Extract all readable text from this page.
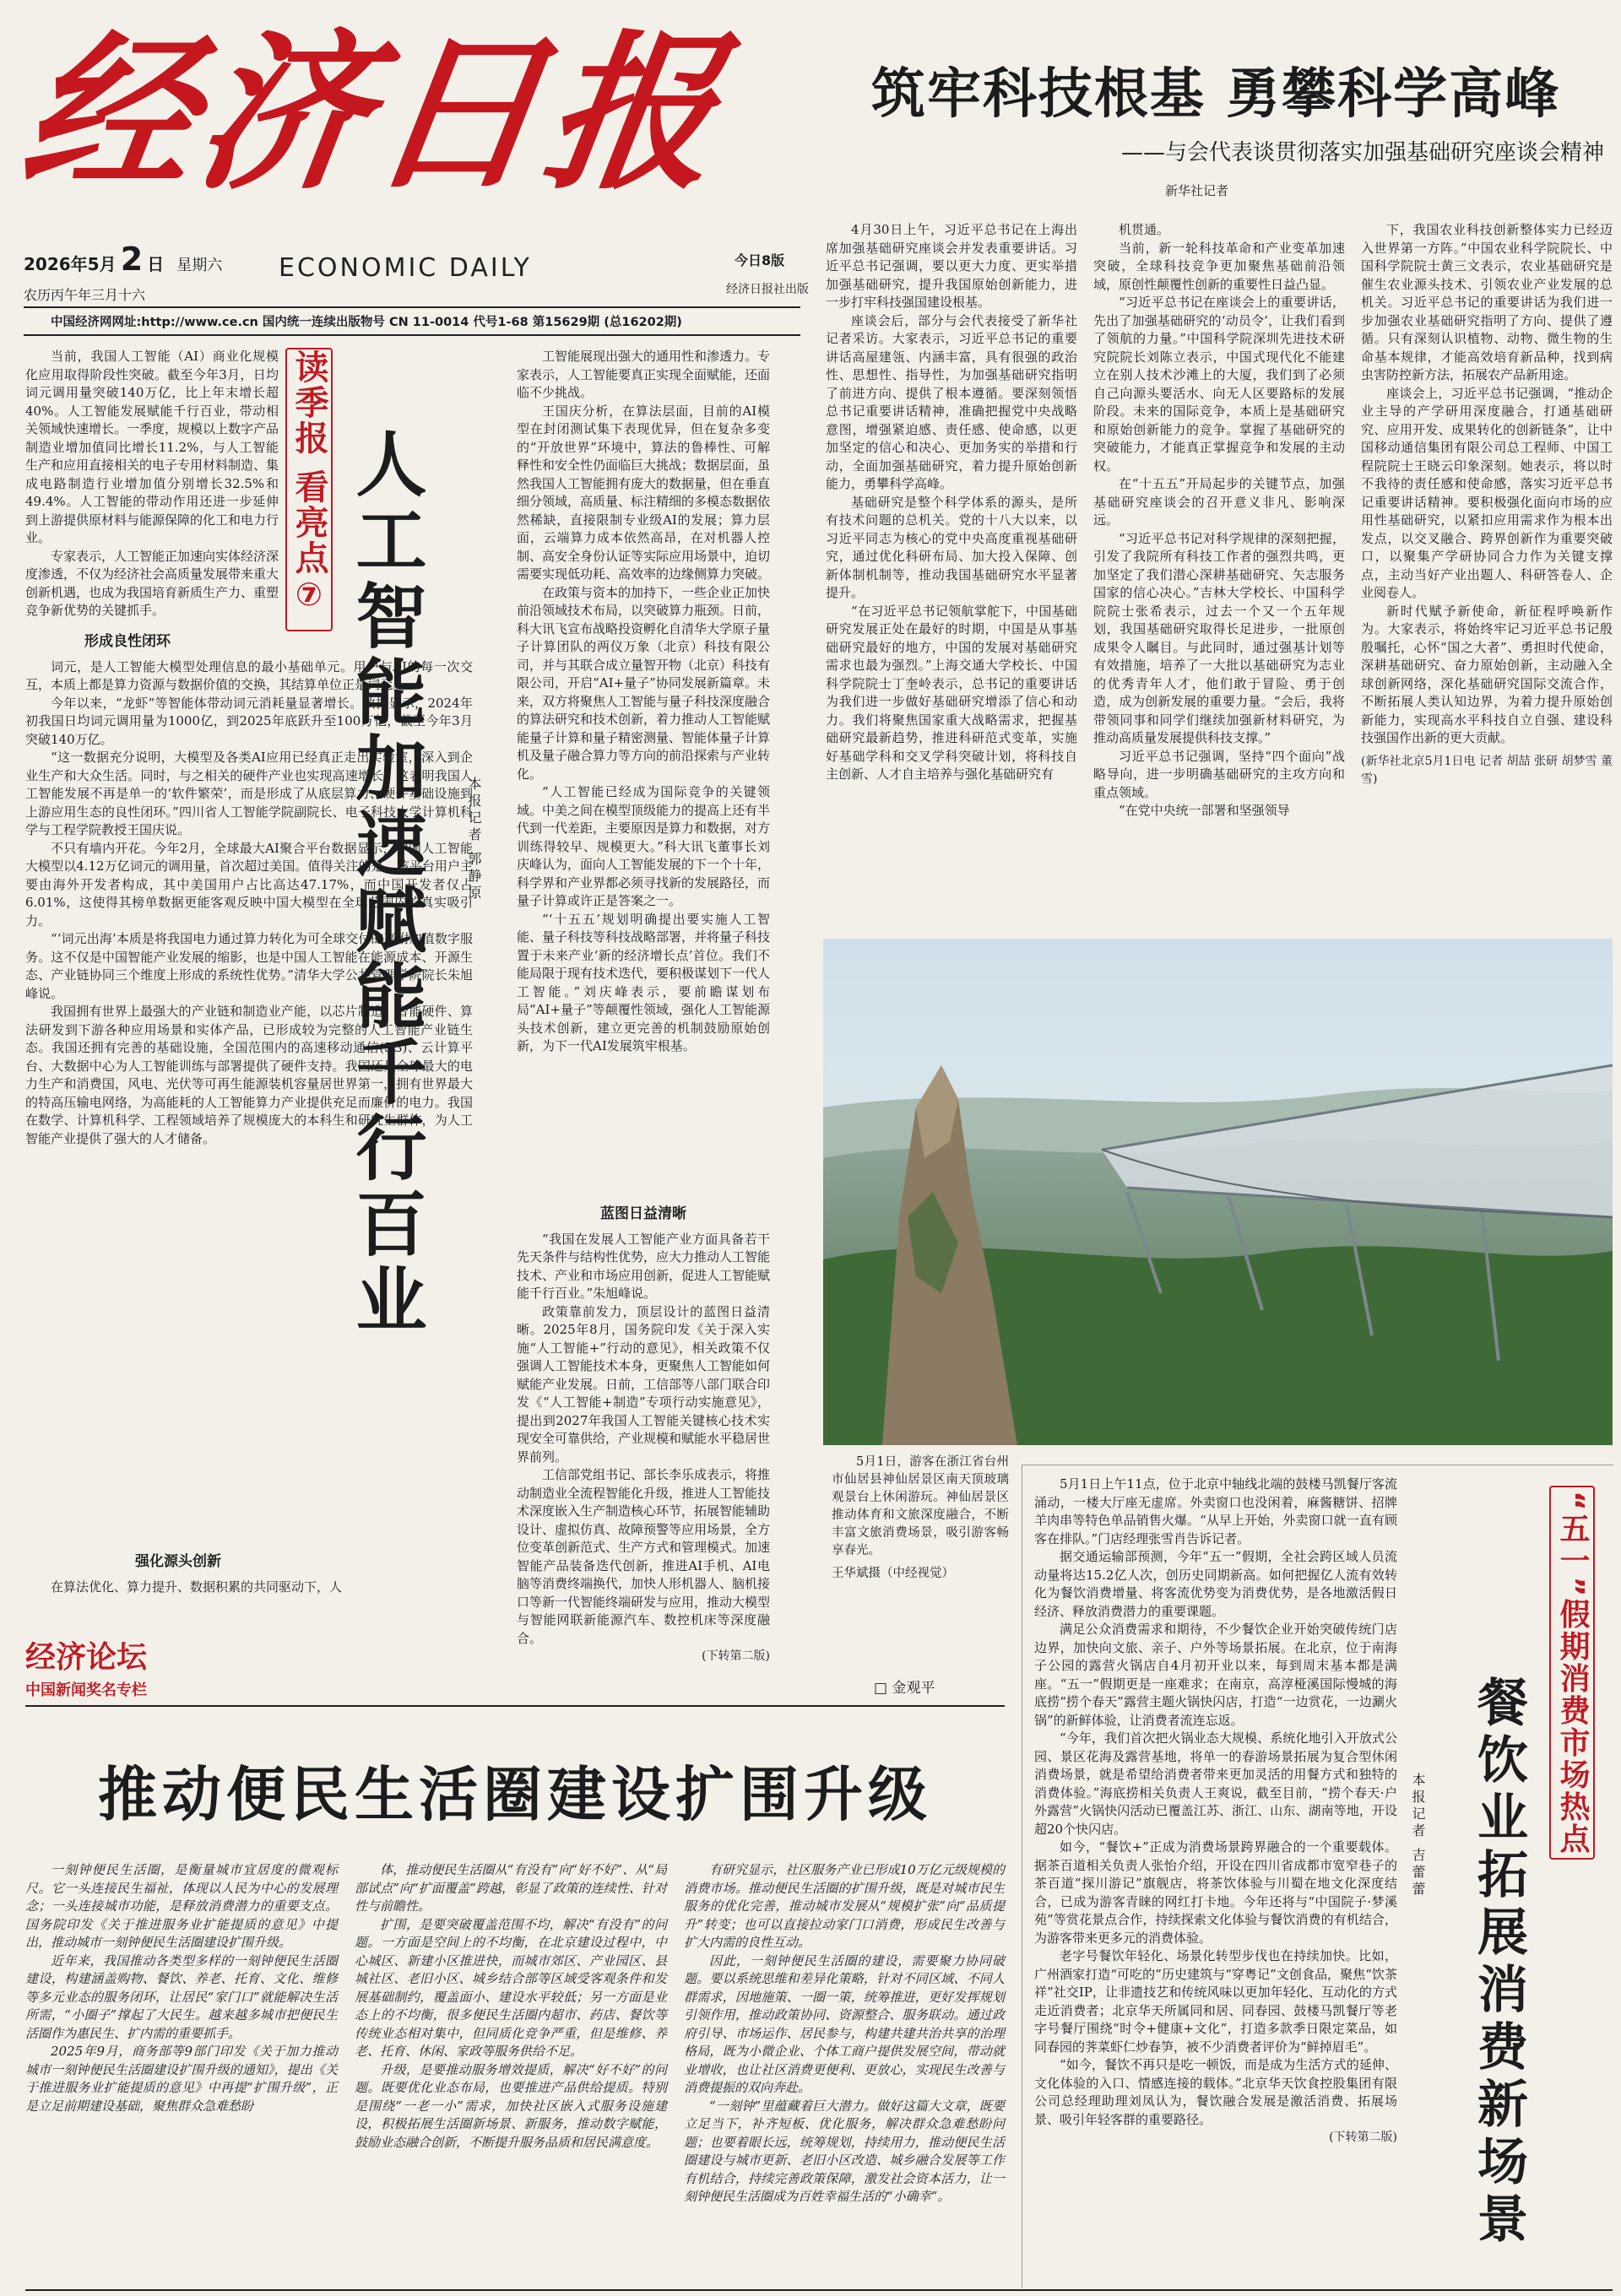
经济日报
2026年5月 2 日 星期六
农历丙午年三月十六
ECONOMIC DAILY	今日8版
经济日报社出版
中国经济网网址:http://www.ce.cn 国内统一连续出版物号 CN 11-0014 代号1-68 第15629期 (总16202期)
筑牢科技根基 勇攀科学高峰
——与会代表谈贯彻落实加强基础研究座谈会精神
新华社记者

4月30日上午，习近平总书记在上海出席加强基础研究座谈会并发表重要讲话。习近平总书记强调，要以更大力度、更实举措加强基础研究，提升我国原始创新能力，进一步打牢科技强国建设根基。

座谈会后，部分与会代表接受了新华社记者采访。大家表示，习近平总书记的重要讲话高屋建瓴、内涵丰富，具有很强的政治性、思想性、指导性，为加强基础研究指明了前进方向、提供了根本遵循。要深刻领悟总书记重要讲话精神，准确把握党中央战略意图，增强紧迫感、责任感、使命感，以更加坚定的信心和决心、更加务实的举措和行动，全面加强基础研究，着力提升原始创新能力，勇攀科学高峰。

基础研究是整个科学体系的源头，是所有技术问题的总机关。党的十八大以来，以习近平同志为核心的党中央高度重视基础研究，通过优化科研布局、加大投入保障、创新体制机制等，推动我国基础研究水平显著提升。

“在习近平总书记领航掌舵下，中国基础研究发展正处在最好的时期，中国是从事基础研究最好的地方，中国的发展对基础研究需求也最为强烈。”上海交通大学校长、中国科学院院士丁奎岭表示，总书记的重要讲话为我们进一步做好基础研究增添了信心和动力。我们将聚焦国家重大战略需求，把握基础研究最新趋势，推进科研范式变革，实施好基础学科和交叉学科突破计划，将科技自主创新、人才自主培养与强化基础研究有

机贯通。

当前，新一轮科技革命和产业变革加速突破，全球科技竞争更加聚焦基础前沿领域，原创性颠覆性创新的重要性日益凸显。

“习近平总书记在座谈会上的重要讲话，先出了加强基础研究的‘动员令’，让我们看到了领航的力量。”中国科学院深圳先进技术研究院院长刘陈立表示，中国式现代化不能建立在别人技术沙滩上的大厦，我们到了必须自己向源头要活水、向无人区要路标的发展阶段。未来的国际竞争，本质上是基础研究和原始创新能力的竞争。掌握了基础研究的突破能力，才能真正掌握竞争和发展的主动权。

在“十五五”开局起步的关键节点，加强基础研究座谈会的召开意义非凡、影响深远。

“习近平总书记对科学规律的深刻把握，引发了我院所有科技工作者的强烈共鸣，更加坚定了我们潜心深耕基础研究、矢志服务国家的信心决心。”吉林大学校长、中国科学院院士张希表示，过去一个又一个五年规划，我国基础研究取得长足进步，一批原创成果令人瞩目。与此同时，通过强基计划等有效措施，培养了一大批以基础研究为志业的优秀青年人才，他们敢于冒险、勇于创造，成为创新发展的重要力量。“会后，我将带领同事和同学们继续加强新材料研究，为推动高质量发展提供科技支撑。”

习近平总书记强调，坚持“四个面向”战略导向，进一步明确基础研究的主攻方向和重点领域。

“在党中央统一部署和坚强领导

下，我国农业科技创新整体实力已经迈入世界第一方阵。”中国农业科学院院长、中国科学院院士黄三文表示，农业基础研究是催生农业源头技术、引领农业产业发展的总机关。习近平总书记的重要讲话为我们进一步加强农业基础研究指明了方向、提供了遵循。只有深刻认识植物、动物、微生物的生命基本规律，才能高效培育新品种，找到病虫害防控新方法，拓展农产品新用途。

座谈会上，习近平总书记强调，“推动企业主导的产学研用深度融合，打通基础研究、应用开发、成果转化的创新链条”，让中国移动通信集团有限公司总工程师、中国工程院院士王晓云印象深刻。她表示，将以时不我待的责任感和使命感，落实习近平总书记重要讲话精神。要积极强化面向市场的应用性基础研究，以紧扣应用需求作为根本出发点，以交叉融合、跨界创新作为重要突破口，以聚集产学研协同合力作为关键支撑点，主动当好产业出题人、科研答卷人、企业阅卷人。

新时代赋予新使命，新征程呼唤新作为。大家表示，将始终牢记习近平总书记殷殷嘱托，心怀“国之大者”、勇担时代使命，深耕基础研究、奋力原始创新，主动融入全球创新网络，深化基础研究国际交流合作，不断拓展人类认知边界，为着力提升原始创新能力，实现高水平科技自立自强、建设科技强国作出新的更大贡献。

(新华社北京5月1日电 记者 胡喆 张研 胡梦雪 董雪)
读季报 看亮点
⑦ 人工智能加速赋能千行百业	本报记者 郭静原

当前，我国人工智能（AI）商业化规模化应用取得阶段性突破。截至今年3月，日均词元调用量突破140万亿，比上年末增长超40%。人工智能发展赋能千行百业，带动相关领域快速增长。一季度，规模以上数字产品制造业增加值同比增长11.2%，与人工智能生产和应用直接相关的电子专用材料制造、集成电路制造行业增加值分别增长32.5%和49.4%。人工智能的带动作用还进一步延伸到上游提供原材料与能源保障的化工和电力行业。

专家表示，人工智能正加速向实体经济深度渗透，不仅为经济社会高质量发展带来重大创新机遇，也成为我国培育新质生产力、重塑竞争新优势的关键抓手。

形成良性闭环

词元，是人工智能大模型处理信息的最小基础单元。用户与AI的每一次交互，本质上都是算力资源与数据价值的交换，其结算单位正是词元。

今年以来，“龙虾”等智能体带动词元消耗量显著增长。数据显示，2024年初我国日均词元调用量为1000亿，到2025年底跃升至100万亿，截至今年3月突破140万亿。

“这一数据充分说明，大模型及各类AI应用已经真正走出实验室，深入到企业生产和大众生活。同时，与之相关的硬件产业也实现高速增长，这表明我国人工智能发展不再是单一的‘软件繁荣’，而是形成了从底层算力、硬件基础设施到上游应用生态的良性闭环。”四川省人工智能学院副院长、电子科技大学计算机科学与工程学院教授王国庆说。

不只有墙内开花。今年2月，全球最大AI聚合平台数据显示，中国人工智能大模型以4.12万亿词元的调用量，首次超过美国。值得关注的是，该平台用户主要由海外开发者构成，其中美国用户占比高达47.17%，而中国开发者仅占6.01%，这使得其榜单数据更能客观反映中国大模型在全球范围内的真实吸引力。

“‘词元出海’本质是将我国电力通过算力转化为可全球交付的高附加值数字服务。这不仅是中国智能产业发展的缩影，也是中国人工智能在能源成本、开源生态、产业链协同三个维度上形成的系统性优势。”清华大学公共管理学院院长朱旭峰说。

我国拥有世界上最强大的产业链和制造业产能，以芯片制造、智能硬件、算法研发到下游各种应用场景和实体产品，已形成较为完整的人工智能产业链生态。我国还拥有完善的基础设施，全国范围内的高速移动通信(5G)、云计算平台、大数据中心为人工智能训练与部署提供了硬件支持。我国还是全球最大的电力生产和消费国，风电、光伏等可再生能源装机容量居世界第一，拥有世界最大的特高压输电网络，为高能耗的人工智能算力产业提供充足而廉价的电力。我国在数学、计算机科学、工程领域培养了规模庞大的本科生和研究生群体，为人工智能产业提供了强大的人才储备。

强化源头创新

在算法优化、算力提升、数据积累的共同驱动下，人

工智能展现出强大的通用性和渗透力。专家表示，人工智能要真正实现全面赋能，还面临不少挑战。

王国庆分析，在算法层面，目前的AI模型在封闭测试集下表现优异，但在复杂多变的“开放世界”环境中，算法的鲁棒性、可解释性和安全性仍面临巨大挑战；数据层面，虽然我国人工智能拥有庞大的数据量，但在垂直细分领域，高质量、标注精细的多模态数据依然稀缺，直接限制专业级AI的发展；算力层面，云端算力成本依然高昂，在对机器人控制、高安全身份认证等实际应用场景中，迫切需要实现低功耗、高效率的边缘侧算力突破。

在政策与资本的加持下，一些企业正加快前沿领域技术布局，以突破算力瓶颈。日前，科大讯飞宣布战略投资孵化自清华大学原子量子计算团队的两仪万象（北京）科技有限公司，并与其联合成立量智开物（北京）科技有限公司，开启“AI+量子”协同发展新篇章。未来，双方将聚焦人工智能与量子科技深度融合的算法研究和技术创新，着力推动人工智能赋能量子计算和量子精密测量、智能体量子计算机及量子融合算力等方向的前沿探索与产业转化。

“人工智能已经成为国际竞争的关键领域。中美之间在模型顶级能力的提高上还有半代到一代差距，主要原因是算力和数据，对方训练得较早、规模更大。”科大讯飞董事长刘庆峰认为，面向人工智能发展的下一个十年，科学界和产业界都必须寻找新的发展路径，而量子计算或许正是答案之一。

“‘十五五’规划明确提出要实施人工智能、量子科技等科技战略部署，并将量子科技置于未来产业‘新的经济增长点’首位。我们不能局限于现有技术迭代，要积极谋划下一代人工智能。”刘庆峰表示，要前瞻谋划布局“AI+量子”等颠覆性领域，强化人工智能源头技术创新，建立更完善的机制鼓励原始创新，为下一代AI发展筑牢根基。

蓝图日益清晰

“我国在发展人工智能产业方面具备若干先天条件与结构性优势，应大力推动人工智能技术、产业和市场应用创新，促进人工智能赋能千行百业。”朱旭峰说。

政策靠前发力，顶层设计的蓝图日益清晰。2025年8月，国务院印发《关于深入实施“人工智能+”行动的意见》，相关政策不仅强调人工智能技术本身，更聚焦人工智能如何赋能产业发展。日前，工信部等八部门联合印发《“人工智能+制造”专项行动实施意见》，提出到2027年我国人工智能关键核心技术实现安全可靠供给，产业规模和赋能水平稳居世界前列。

工信部党组书记、部长李乐成表示，将推动制造业全流程智能化升级，推进人工智能技术深度嵌入生产制造核心环节，拓展智能辅助设计、虚拟仿真、故障预警等应用场景，全方位变革创新范式、生产方式和管理模式。加速智能产品装备迭代创新，推进AI手机、AI电脑等消费终端换代，加快人形机器人、脑机接口等新一代智能终端研发与应用，推动大模型与智能网联新能源汽车、数控机床等深度融合。

(下转第二版)
5月1日，游客在浙江省台州市仙居县神仙居景区南天顶玻璃观景台上休闲游玩。神仙居景区推动体育和文旅深度融合，不断丰富文旅消费场景，吸引游客畅享春光。
王华斌摄（中经视觉）

5月1日上午11点，位于北京中轴线北端的鼓楼马凯餐厅客流涌动，一楼大厅座无虚席。外卖窗口也没闲着，麻酱糖饼、招牌羊肉串等特色单品销售火爆。“从早上开始，外卖窗口就一直有顾客在排队。”门店经理张雪肖告诉记者。

据交通运输部预测，今年“五一”假期，全社会跨区域人员流动量将达15.2亿人次，创历史同期新高。如何把握亿人流有效转化为餐饮消费增量、将客流优势变为消费优势，是各地激活假日经济、释放消费潜力的重要课题。

满足公众消费需求和期待，不少餐饮企业开始突破传统门店边界，加快向文旅、亲子、户外等场景拓展。在北京，位于南海子公园的露营火锅店自4月初开业以来，每到周末基本都是满座。“五一”假期更是一座难求；在南京，高淳桠溪国际慢城的海底捞“捞个春天”露营主题火锅快闪店，打造“一边赏花，一边涮火锅”的新鲜体验，让消费者流连忘返。

“今年，我们首次把火锅业态大规模、系统化地引入开放式公园、景区花海及露营基地，将单一的春游场景拓展为复合型休闲消费场景，就是希望给消费者带来更加灵活的用餐方式和独特的消费体验。”海底捞相关负责人王爽说，截至目前，“捞个春天·户外露营”火锅快闪活动已覆盖江苏、浙江、山东、湖南等地，开设超20个快闪店。

如今，“餐饮+”正成为消费场景跨界融合的一个重要载体。据茶百道相关负责人张怡介绍，开设在四川省成都市宽窄巷子的茶百道“探川游记”旗舰店，将茶饮体验与川蜀在地文化深度结合，已成为游客青睐的网红打卡地。今年还将与“中国院子·梦溪苑”等赏花景点合作，持续探索文化体验与餐饮消费的有机结合，为游客带来更多元的消费体验。

老字号餐饮年轻化、场景化转型步伐也在持续加快。比如，广州酒家打造“可吃的”历史建筑与“穿粤记”文创食品，聚焦“饮茶祥”社交IP，让非遗技艺和传统风味以更加年轻化、互动化的方式走近消费者；北京华天所属同和居、同春园、鼓楼马凯餐厅等老字号餐厅围绕“时令+健康+文化”，打造多款季日限定菜品，如同春园的荠菜虾仁炒春笋，被不少消费者评价为“鲜掉眉毛”。

“如今，餐饮不再只是吃一顿饭，而是成为生活方式的延伸、文化体验的入口、情感连接的载体。”北京华天饮食控股集团有限公司总经理助理刘凤认为，餐饮融合发展是激活消费、拓展场景、吸引年轻客群的重要路径。

(下转第二版)
本报记者 吉蕾蕾 餐饮业拓展消费新场景
“五一”假期消费市场热点
经济论坛
中国新闻奖名专栏	□ 金观平
推动便民生活圈建设扩围升级

一刻钟便民生活圈，是衡量城市宜居度的微观标尺。它一头连接民生福祉，体现以人民为中心的发展理念；一头连接城市功能，是释放消费潜力的重要支点。国务院印发《关于推进服务业扩能提质的意见》中提出，推动城市一刻钟便民生活圈建设扩围升级。

近年来，我国推动各类型多样的一刻钟便民生活圈建设，构建涵盖购物、餐饮、养老、托育、文化、维修等多元业态的服务闭环，让居民“家门口”就能解决生活所需，“小圈子”撑起了大民生。越来越多城市把便民生活圈作为惠民生、扩内需的重要抓手。

2025年9月，商务部等9部门印发《关于加力推动城市一刻钟便民生活圈建设扩围升级的通知》，提出《关于推进服务业扩能提质的意见》中再提“扩围升级”，正是立足前期建设基础，聚焦群众急难愁盼

体，推动便民生活圈从“有没有”向“好不好”、从“局部试点”向“扩面覆盖”跨越，彰显了政策的连续性、针对性与前瞻性。

扩围，是要突破覆盖范围不均，解决“有没有”的问题。一方面是空间上的不均衡，在北京建设过程中，中心城区、新建小区推进快，而城市郊区、产业园区、县城社区、老旧小区、城乡结合部等区域受客观条件和发展基础制约，覆盖面小、建设水平较低；另一方面是业态上的不均衡，很多便民生活圈内超市、药店、餐饮等传统业态相对集中，但同质化竞争严重，但是维修、养老、托育、休闲、家政等服务供给不足。

升级，是要推动服务增效提质，解决“好不好”的问题。既要优化业态布局，也要推进产品供给提质。特别是围绕“一老一小”需求，加快社区嵌入式服务设施建设，积极拓展生活圈新场景、新服务，推动数字赋能，鼓励业态融合创新，不断提升服务品质和居民满意度。

有研究显示，社区服务产业已形成10万亿元级规模的消费市场。推动便民生活圈的扩围升级，既是对城市民生服务的优化完善，推动城市发展从“规模扩张”向“品质提升”转变；也可以直接拉动家门口消费，形成民生改善与扩大内需的良性互动。

因此，一刻钟便民生活圈的建设，需要聚力协同破题。要以系统思维和差异化策略，针对不同区域、不同人群需求，因地施策、一圈一策，统筹推进，更好发挥规划引领作用，推动政策协同、资源整合、服务联动。通过政府引导、市场运作、居民参与，构建共建共治共享的治理格局，既为小微企业、个体工商户提供发展空间，带动就业增收，也让社区消费更便利、更放心，实现民生改善与消费提振的双向奔赴。

“一刻钟”里蕴藏着巨大潜力。做好这篇大文章，既要立足当下，补齐短板、优化服务，解决群众急难愁盼问题；也要着眼长远，统筹规划，持续用力，推动便民生活圈建设与城市更新、老旧小区改造、城乡融合发展等工作有机结合，持续完善政策保障，激发社会资本活力，让一刻钟便民生活圈成为百姓幸福生活的“小确幸”。
